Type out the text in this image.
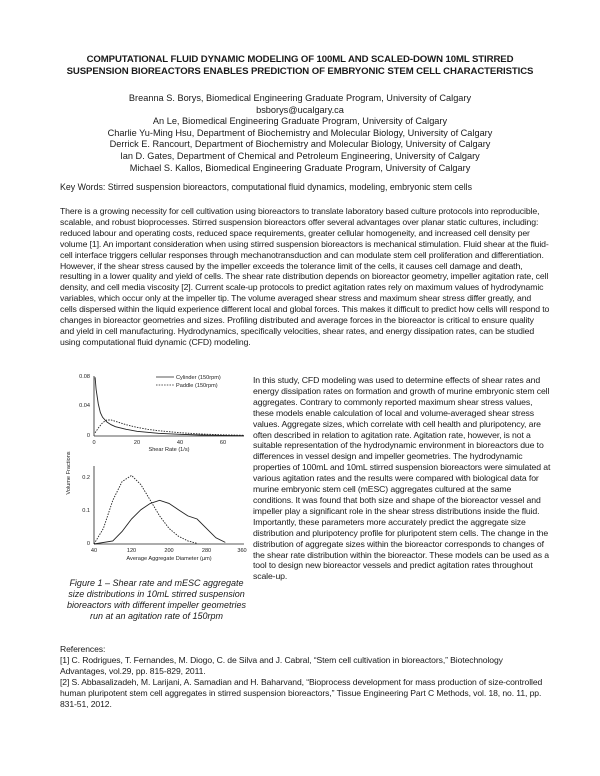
COMPUTATIONAL FLUID DYNAMIC MODELING OF 100ML AND SCALED-DOWN 10ML STIRRED
SUSPENSION BIOREACTORS ENABLES PREDICTION OF EMBRYONIC STEM CELL CHARACTERISTICS
Breanna S. Borys, Biomedical Engineering Graduate Program, University of Calgary
bsborys@ucalgary.ca
An Le, Biomedical Engineering Graduate Program, University of Calgary
Charlie Yu-Ming Hsu, Department of Biochemistry and Molecular Biology, University of Calgary
Derrick E. Rancourt, Department of Biochemistry and Molecular Biology, University of Calgary
Ian D. Gates, Department of Chemical and Petroleum Engineering, University of Calgary
Michael S. Kallos, Biomedical Engineering Graduate Program, University of Calgary
Key Words: Stirred suspension bioreactors, computational fluid dynamics, modeling, embryonic stem cells
There is a growing necessity for cell cultivation using bioreactors to translate laboratory based culture protocols into reproducible, scalable, and robust bioprocesses. Stirred suspension bioreactors offer several advantages over planar static cultures, including: reduced labour and operating costs, reduced space requirements, greater cellular homogeneity, and increased cell density per volume [1]. An important consideration when using stirred suspension bioreactors is mechanical stimulation. Fluid shear at the fluid-cell interface triggers cellular responses through mechanotransduction and can modulate stem cell proliferation and differentiation. However, if the shear stress caused by the impeller exceeds the tolerance limit of the cells, it causes cell damage and death, resulting in a lower quality and yield of cells. The shear rate distribution depends on bioreactor geometry, impeller agitation rate, cell density, and cell media viscosity [2]. Current scale-up protocols to predict agitation rates rely on maximum values of hydrodynamic variables, which occur only at the impeller tip. The volume averaged shear stress and maximum shear stress differ greatly, and cells dispersed within the liquid experience different local and global forces. This makes it difficult to predict how cells will respond to changes in bioreactor geometries and sizes. Profiling distributed and average forces in the bioreactor is critical to ensure quality and yield in cell manufacturing. Hydrodynamics, specifically velocities, shear rates, and energy dissipation rates, can be studied using computational fluid dynamic (CFD) modeling.
Volume Fractions
Cylinder (150rpm)
Paddle (150rpm)
0.08
0.04
0
0	20	40	60
Shear Rate (1/s)
0.2
0.1
0
40	120	200	280	360
Average Aggregate Diameter (µm)
Figure 1 – Shear rate and mESC aggregate size distributions in 10mL stirred suspension bioreactors with different impeller geometries run at an agitation rate of 150rpm
In this study, CFD modeling was used to determine effects of shear rates and energy dissipation rates on formation and growth of murine embryonic stem cell aggregates. Contrary to commonly reported maximum shear stress values, these models enable calculation of local and volume-averaged shear stress values. Aggregate sizes, which correlate with cell health and pluripotency, are often described in relation to agitation rate. Agitation rate, however, is not a suitable representation of the hydrodynamic environment in bioreactors due to differences in vessel design and impeller geometries. The hydrodynamic properties of 100mL and 10mL stirred suspension bioreactors were simulated at various agitation rates and the results were compared with biological data for murine embryonic stem cell (mESC) aggregates cultured at the same conditions. It was found that both size and shape of the bioreactor vessel and impeller play a significant role in the shear stress distributions inside the fluid. Importantly, these parameters more accurately predict the aggregate size distribution and pluripotency profile for pluripotent stem cells. The change in the distribution of aggregate sizes within the bioreactor corresponds to changes of the shear rate distribution within the bioreactor. These models can be used as a tool to design new bioreactor vessels and predict agitation rates throughout scale-up.
References:
[1] C. Rodrigues, T. Fernandes, M. Diogo, C. de Silva and J. Cabral, “Stem cell cultivation in bioreactors,” Biotechnology Advantages, vol.29, pp. 815-829, 2011.
[2] S. Abbasalizadeh, M. Larijani, A. Samadian and H. Baharvand, “Bioprocess development for mass production of size-controlled human pluripotent stem cell aggregates in stirred suspension bioreactors,” Tissue Engineering Part C Methods, vol. 18, no. 11, pp. 831-51, 2012.
